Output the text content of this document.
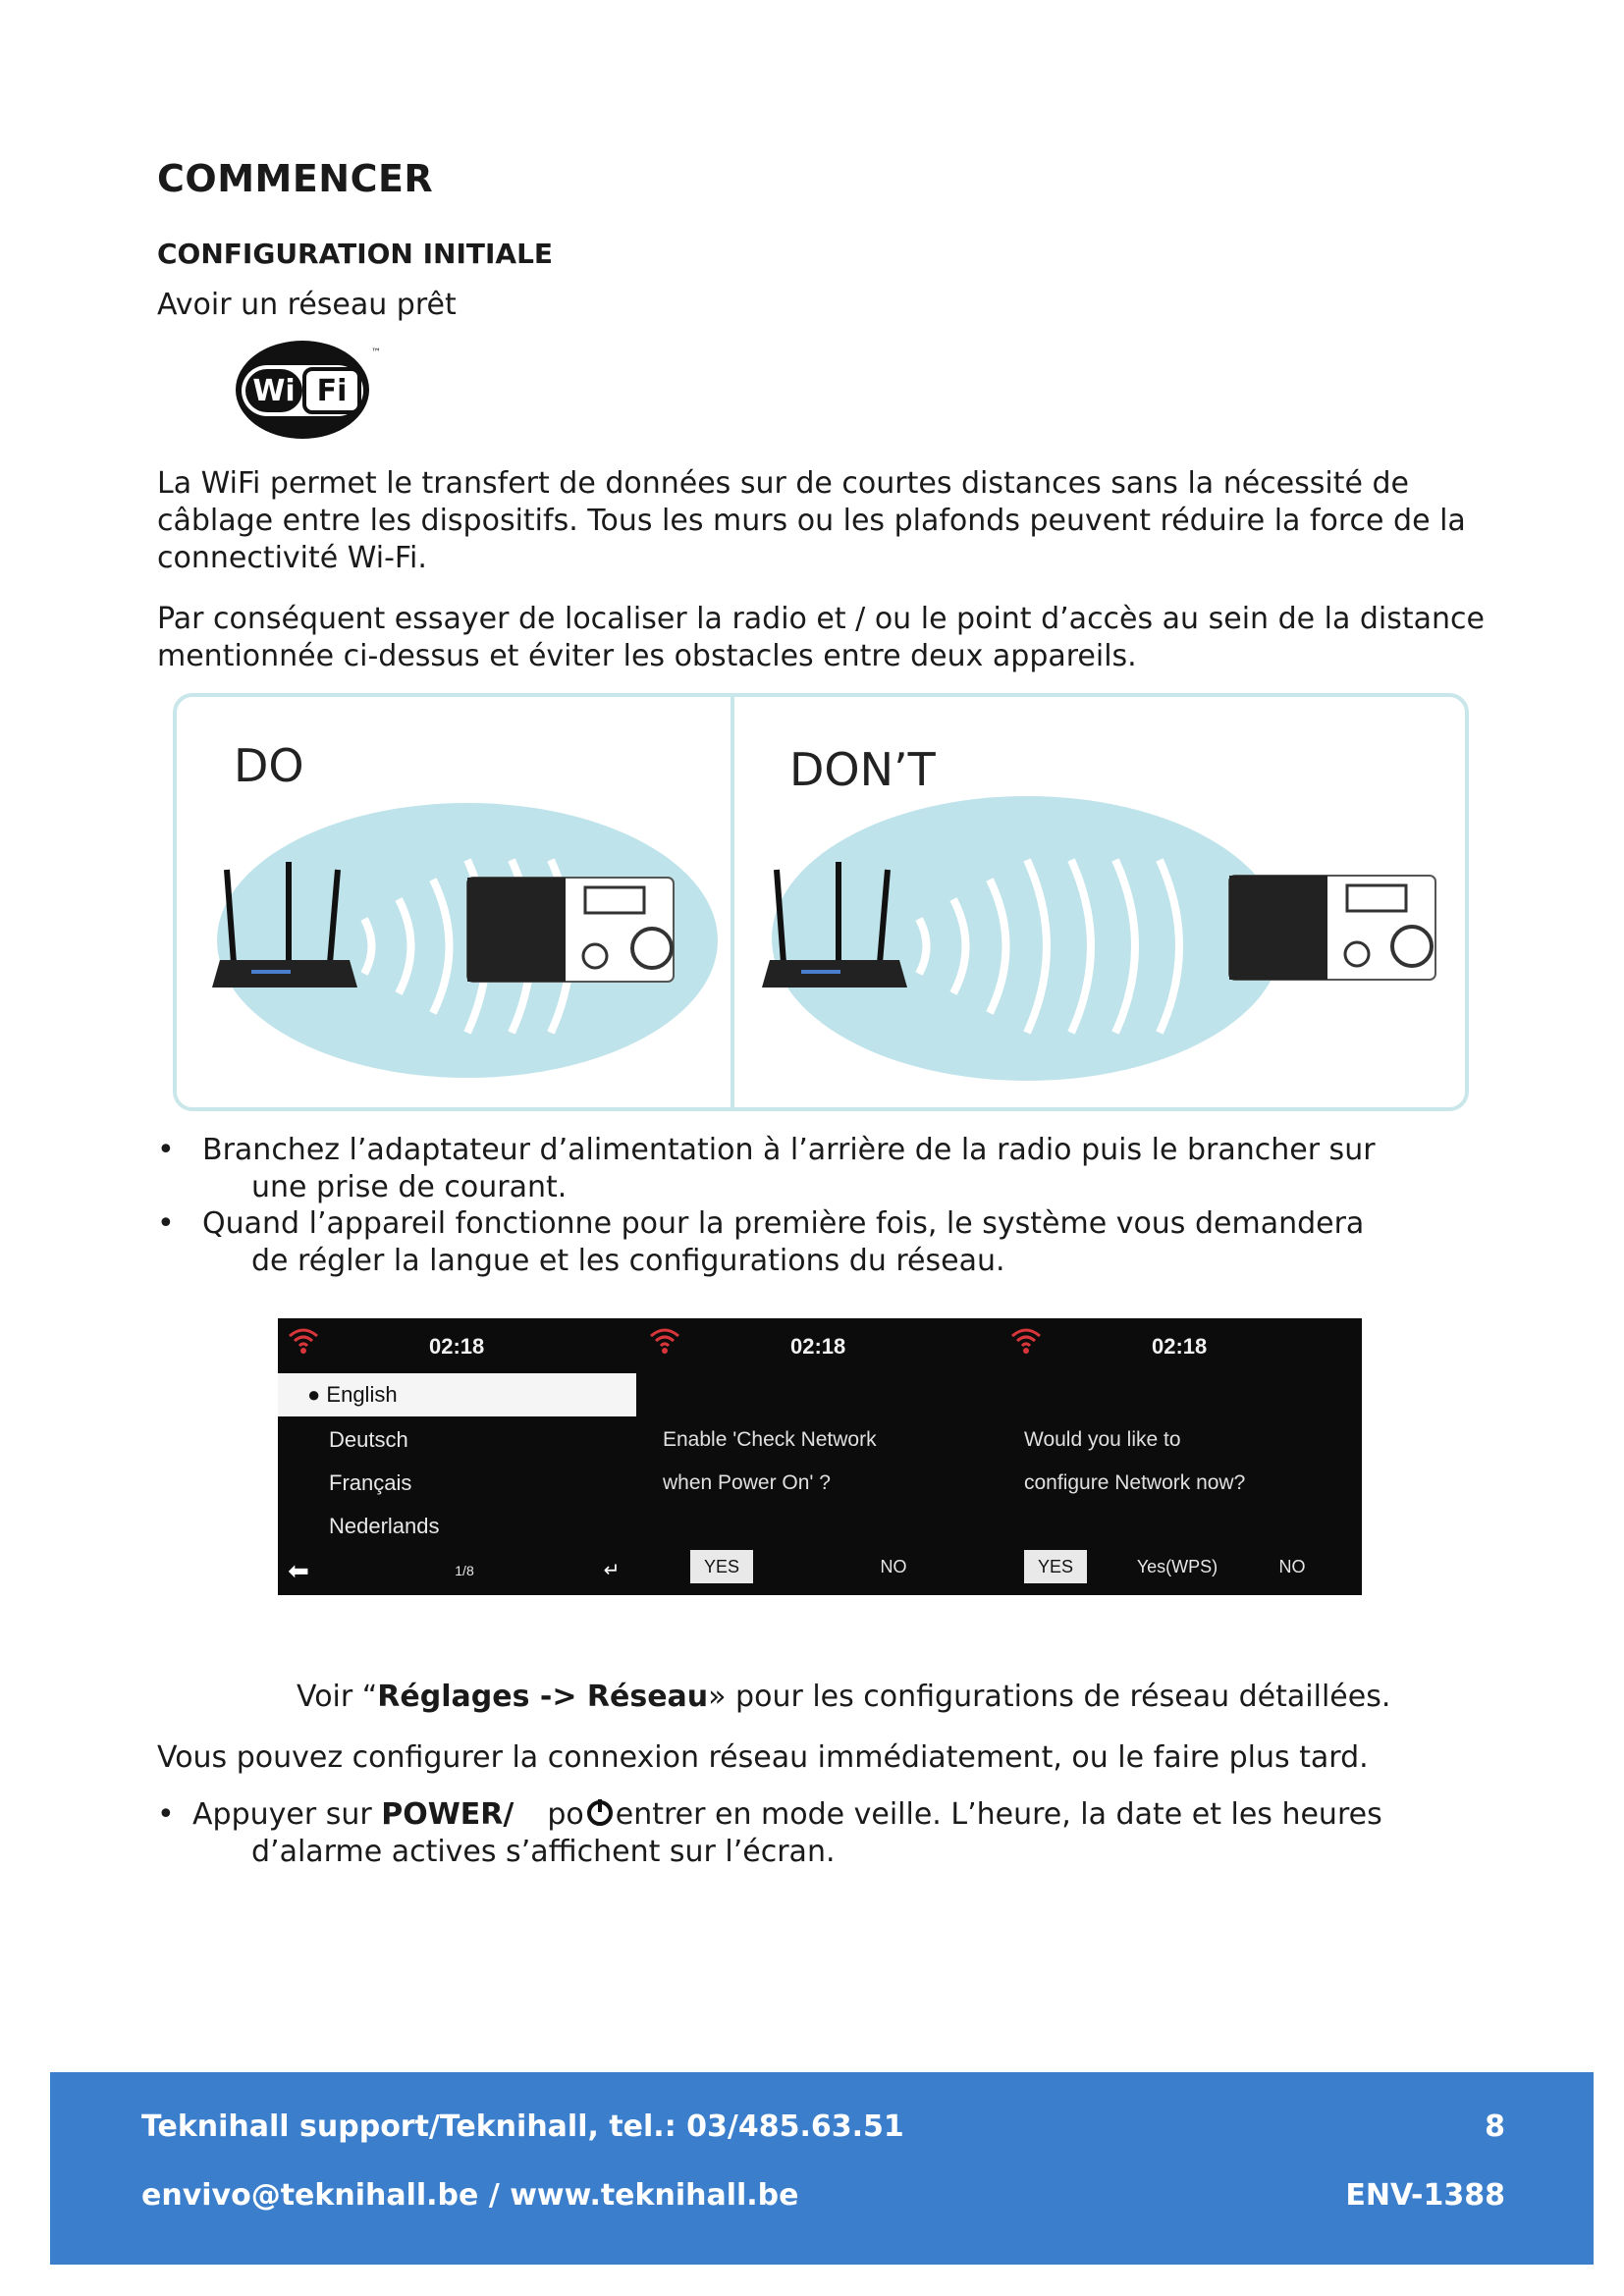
COMMENCER
CONFIGURATION INITIALE
Avoir un réseau prêt
Wi Fi
™
La WiFi permet le transfert de données sur de courtes distances sans la nécessité de câblage entre les dispositifs. Tous les murs ou les plafonds peuvent réduire la force de la connectivité Wi-Fi.
Par conséquent essayer de localiser la radio et / ou le point d’accès au sein de la distance mentionnée ci-dessus et éviter les obstacles entre deux appareils.
DO	DON’T
• Branchez l’adaptateur d’alimentation à l’arrière de la radio puis le brancher sur
une prise de courant.
• Quand l’appareil fonctionne pour la première fois, le système vous demandera
de régler la langue et les configurations du réseau.
02:18
● English
Deutsch
Français
Nederlands
⬅	1/8	↵
02:18
Enable 'Check Network
when Power On' ?
YES	NO
02:18
Would you like to
configure Network now?
YES	Yes(WPS)	NO
Voir “Réglages -> Réseau» pour les configurations de réseau détaillées.
Vous pouvez configurer la connexion réseau immédiatement, ou le faire plus tard.
• Appuyer sur POWER/ po entrer en mode veille. L’heure, la date et les heures
d’alarme actives s’affichent sur l’écran.
Teknihall support/Teknihall, tel.: 03/485.63.51	8
envivo@teknihall.be / www.teknihall.be	ENV-1388
